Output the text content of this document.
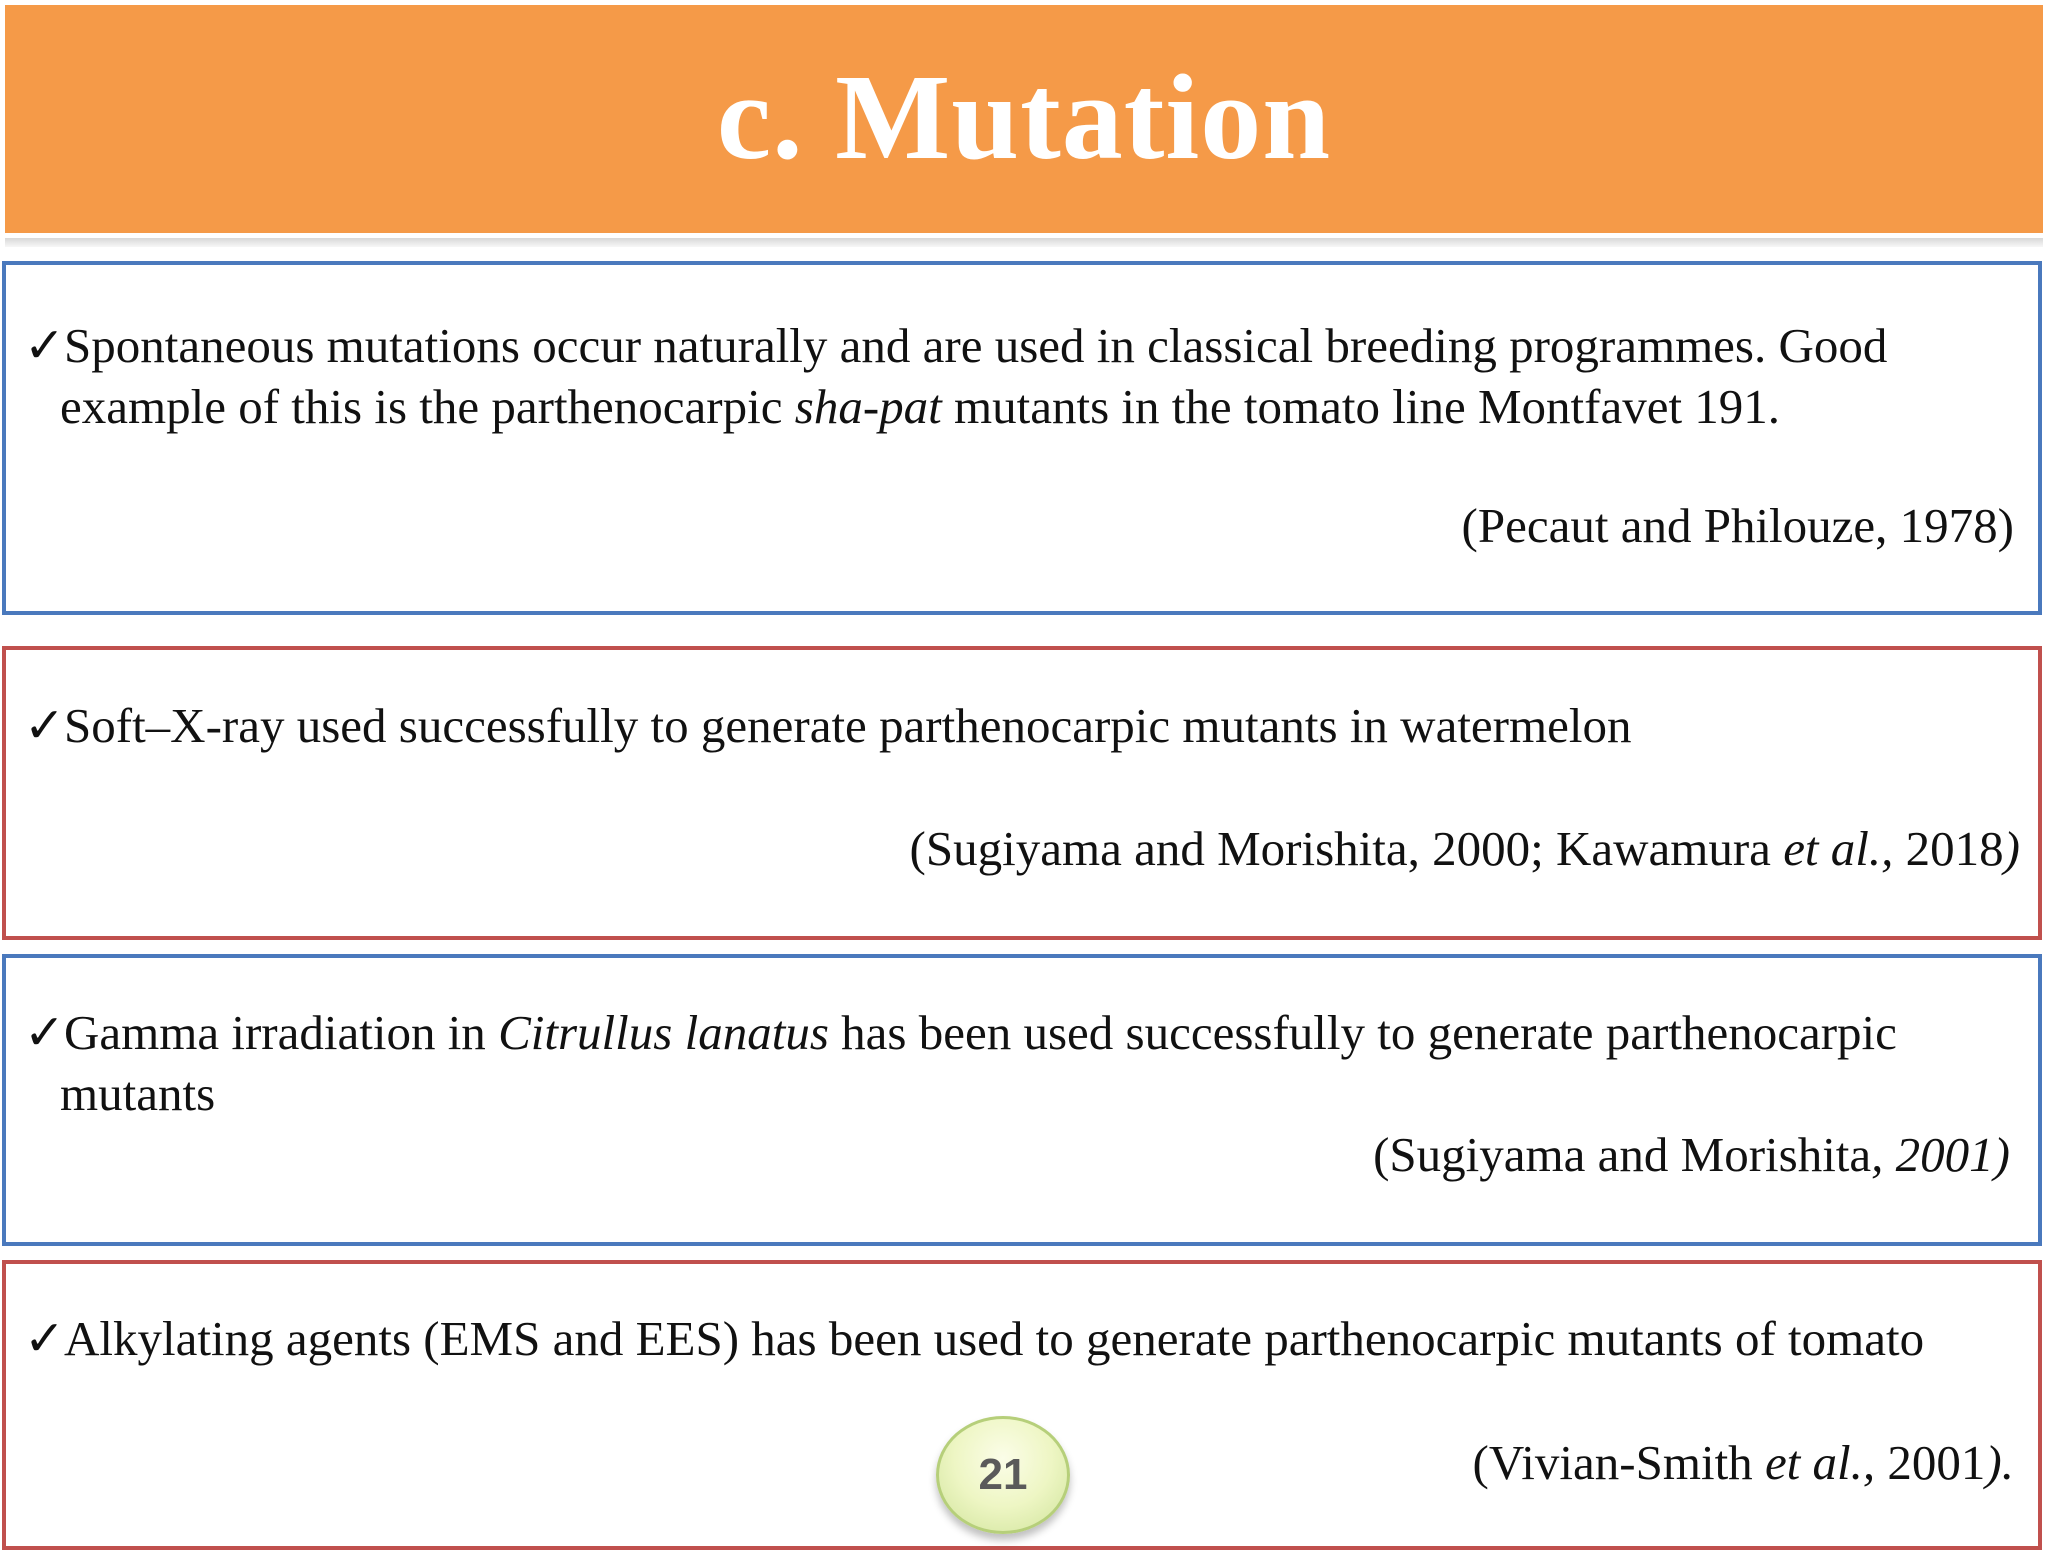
c. Mutation
✓Spontaneous mutations occur naturally and are used in classical breeding programmes. Good
example of this is the parthenocarpic sha-pat mutants in the tomato line Montfavet 191.
(Pecaut and Philouze, 1978)
✓Soft–X-ray used successfully to generate parthenocarpic mutants in watermelon
(Sugiyama and Morishita, 2000; Kawamura et al., 2018)
✓Gamma irradiation in Citrullus lanatus has been used successfully to generate parthenocarpic
mutants
(Sugiyama and Morishita, 2001)
✓Alkylating agents (EMS and EES) has been used to generate parthenocarpic mutants of tomato
(Vivian-Smith et al., 2001).
21
